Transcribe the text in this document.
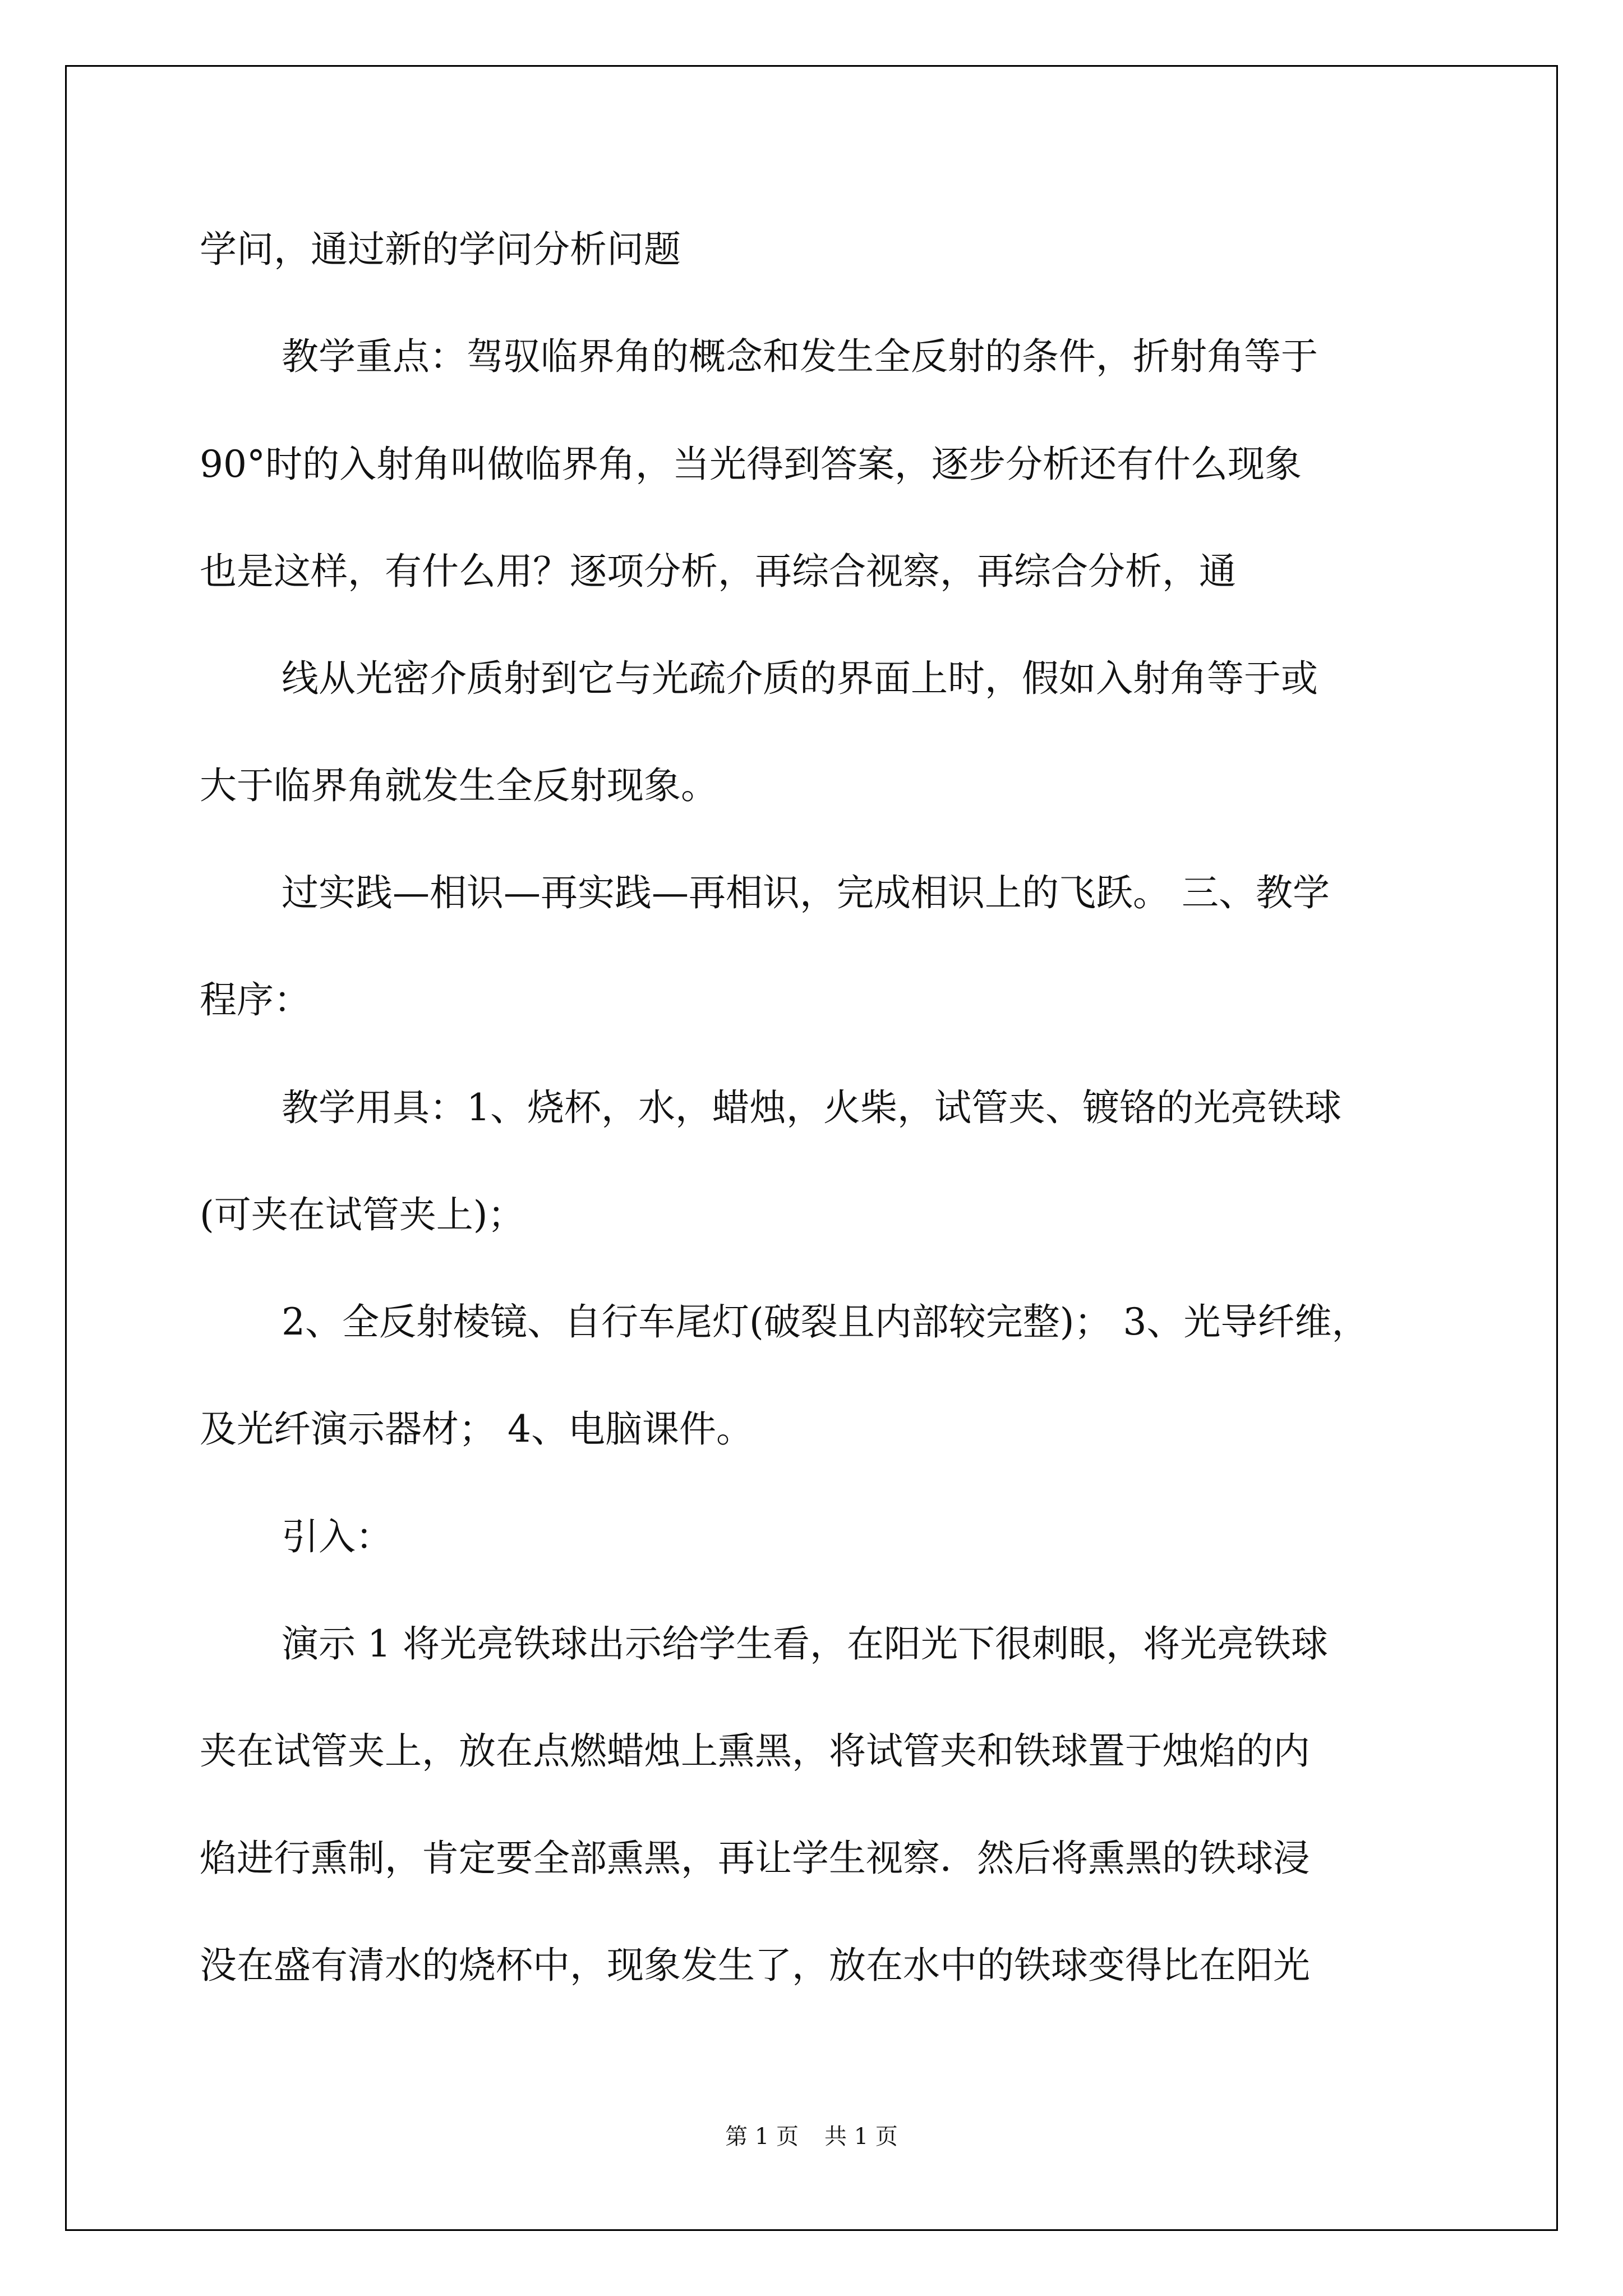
学问，通过新的学问分析问题

教学重点：驾驭临界角的概念和发生全反射的条件，折射角等于

90°时的入射角叫做临界角，当光得到答案，逐步分析还有什么现象

也是这样，有什么用？逐项分析，再综合视察，再综合分析，通

线从光密介质射到它与光疏介质的界面上时，假如入射角等于或

大于临界角就发生全反射现象。

过实践—相识—再实践—再相识，完成相识上的飞跃。 三、教学

程序：

教学用具：1、烧杯，水，蜡烛，火柴，试管夹、镀铬的光亮铁球

(可夹在试管夹上)；

2、全反射棱镜、自行车尾灯(破裂且内部较完整)； 3、光导纤维，

及光纤演示器材； 4、电脑课件。

引入：

演示 1 将光亮铁球出示给学生看，在阳光下很刺眼，将光亮铁球

夹在试管夹上，放在点燃蜡烛上熏黑，将试管夹和铁球置于烛焰的内

焰进行熏制，肯定要全部熏黑，再让学生视察．然后将熏黑的铁球浸

没在盛有清水的烧杯中，现象发生了，放在水中的铁球变得比在阳光

第 1 页 共 1 页
